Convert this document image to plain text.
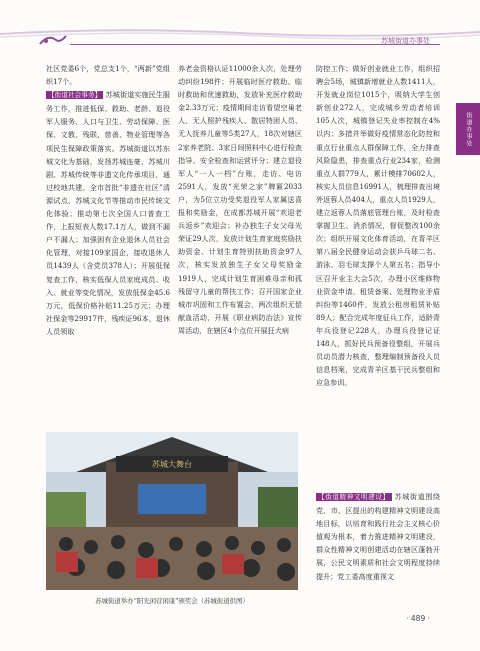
苏城街道办事处
街道办事处

社区党委6个，党总支1个，“两新”党组织17个。

【街道社会事务】 苏城街道实施民生服务工作，推进低保、救助、老龄、退役军人服务、人口与卫生、劳动保障、医保、文教、残联、慈善、物业管理等各项民生保障政策落实。苏城街道以苏东城文化为基础，发扬苏城连豪、苏城川剧、苏城传统等非遗文化传承项目，通过校地共建、全市首批“非遗在社区”清源试点、苏城文化节等推动市民传统文化体验；推动第七次全国人口普查工作，上报短表人数17.1万人，做到不漏户不漏人；加强困有企业退休人员社会化管理，对接109家国企，接收退休人员1439人（含党员378人）；开展低保复查工作，核实低保人员家庭成员、收入、就业等变化情况，发放低保金45.6万元，低保价格补贴11.25万元；办理社保金等29917件，残疾证96本，退休人员领取

养老金资格认证11000余人次，处理劳动纠纷198件；开展临时医疗救助、临时救助和优速救助，发放补充医疗救助金2.33万元；疫情期间走访看望空巢老人、无人照护残疾人、散居特困人员、无人抚养儿童等5类27人，18次对辖区2家养老院、3家日间照料中心进行检查指导、安全检查和运营评分；建立退役军人“一人一档”台账，走访、电访2591人，发放“光荣之家”牌匾2033户，为5位立功受奖退役军人家属送喜报和奖励金，在成都苏城开展“欢迎老兵返乡”欢迎会；补办独生子女父母光荣证29人次，发放计划生育家庭奖励扶助资金、计划生育特别扶助资金97人次，核实发放独生子女父母奖励金1919人，完成计划生育困难母亲和孤残留守儿童的帮扶工作；召开国家企业城市巩固和工作布置会，两次组织无偿献血活动，开展《职业病防治法》宣传周活动，在辖区4个点位开展狂犬病

防控工作；做好创业就业工作，组织招聘会5场，城镇新增就业人数1411人，开发就业岗位1015个，吸纳大学生创新创业272人，完成城乡劳动者培训105人次，城镇登记失业率控制在4%以内；多措并举做好疫情常态化防控和重点行业重点人群保障工作，全力排查风险隐患，排查重点行业234家，检测重点人群779人，累计模排70602人，核实人员信息16991人，梳理排查出境外返蓉人员404人，重点人员1929人，建立返蓉人员落底管理台账，及时检查掌握卫生、消杀情况，督促整改100余次；组织开展文化体育活动，在青羊区第八届全民健身运动会获乒乓球二名、游泳、羽毛球支撑个人第五名；指导小区召开业主大会5次，办理小区维修物业资金申请、租赁备案、处理物业矛盾纠纷等1460件，发放公租房租赁补贴89人；配合完成年度征兵工作，适龄青年兵役登记228人，办理兵役登记证148人，抓好民兵预备役整组，开展兵员动员潜力核查，整理编制预备役人员信息档案，完成青羊区基干民兵整组和应急参训。

【街道精神文明建设】 苏城街道围绕党、市、区提出的构建精神文明建设高地目标，以培育和践行社会主义核心价值观为根本，着力推进精神文明建设，群众性精神文明创建活动在辖区蓬勃开展，公民文明素质和社会文明程度持续提升；党工委高度重视文

苏城大舞台
苏城街道举办“阳光闲营闲康”颁奖会（苏城街道供图）
· 489 ·
